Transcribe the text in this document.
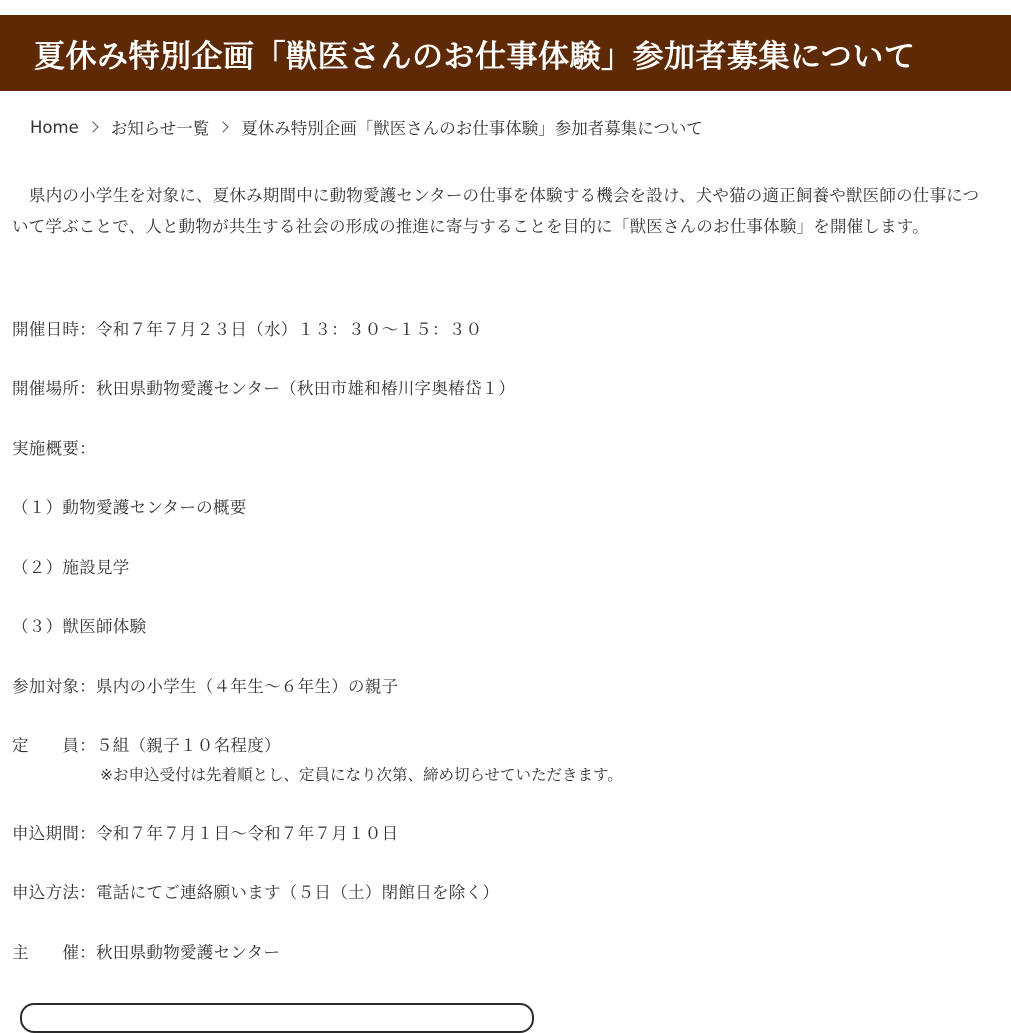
夏休み特別企画「獣医さんのお仕事体験」参加者募集について
Home お知らせ一覧 夏休み特別企画「獣医さんのお仕事体験」参加者募集について

県内の小学生を対象に、夏休み期間中に動物愛護センターの仕事を体験する機会を設け、犬や猫の適正飼養や獣医師の仕事について学ぶことで、人と動物が共生する社会の形成の推進に寄与することを目的に「獣医さんのお仕事体験」を開催します。

開催日時：令和７年７月２３日（水）１３：３０～１５：３０

開催場所：秋田県動物愛護センター（秋田市雄和椿川字奥椿岱１）

実施概要：

（１）動物愛護センターの概要

（２）施設見学

（３）獣医師体験

参加対象：県内の小学生（４年生～６年生）の親子

定　　員：５組（親子１０名程度）

※お申込受付は先着順とし、定員になり次第、締め切らせていただきます。

申込期間：令和７年７月１日～令和７年７月１０日

申込方法：電話にてご連絡願います（５日（土）閉館日を除く）

主　　催：秋田県動物愛護センター
